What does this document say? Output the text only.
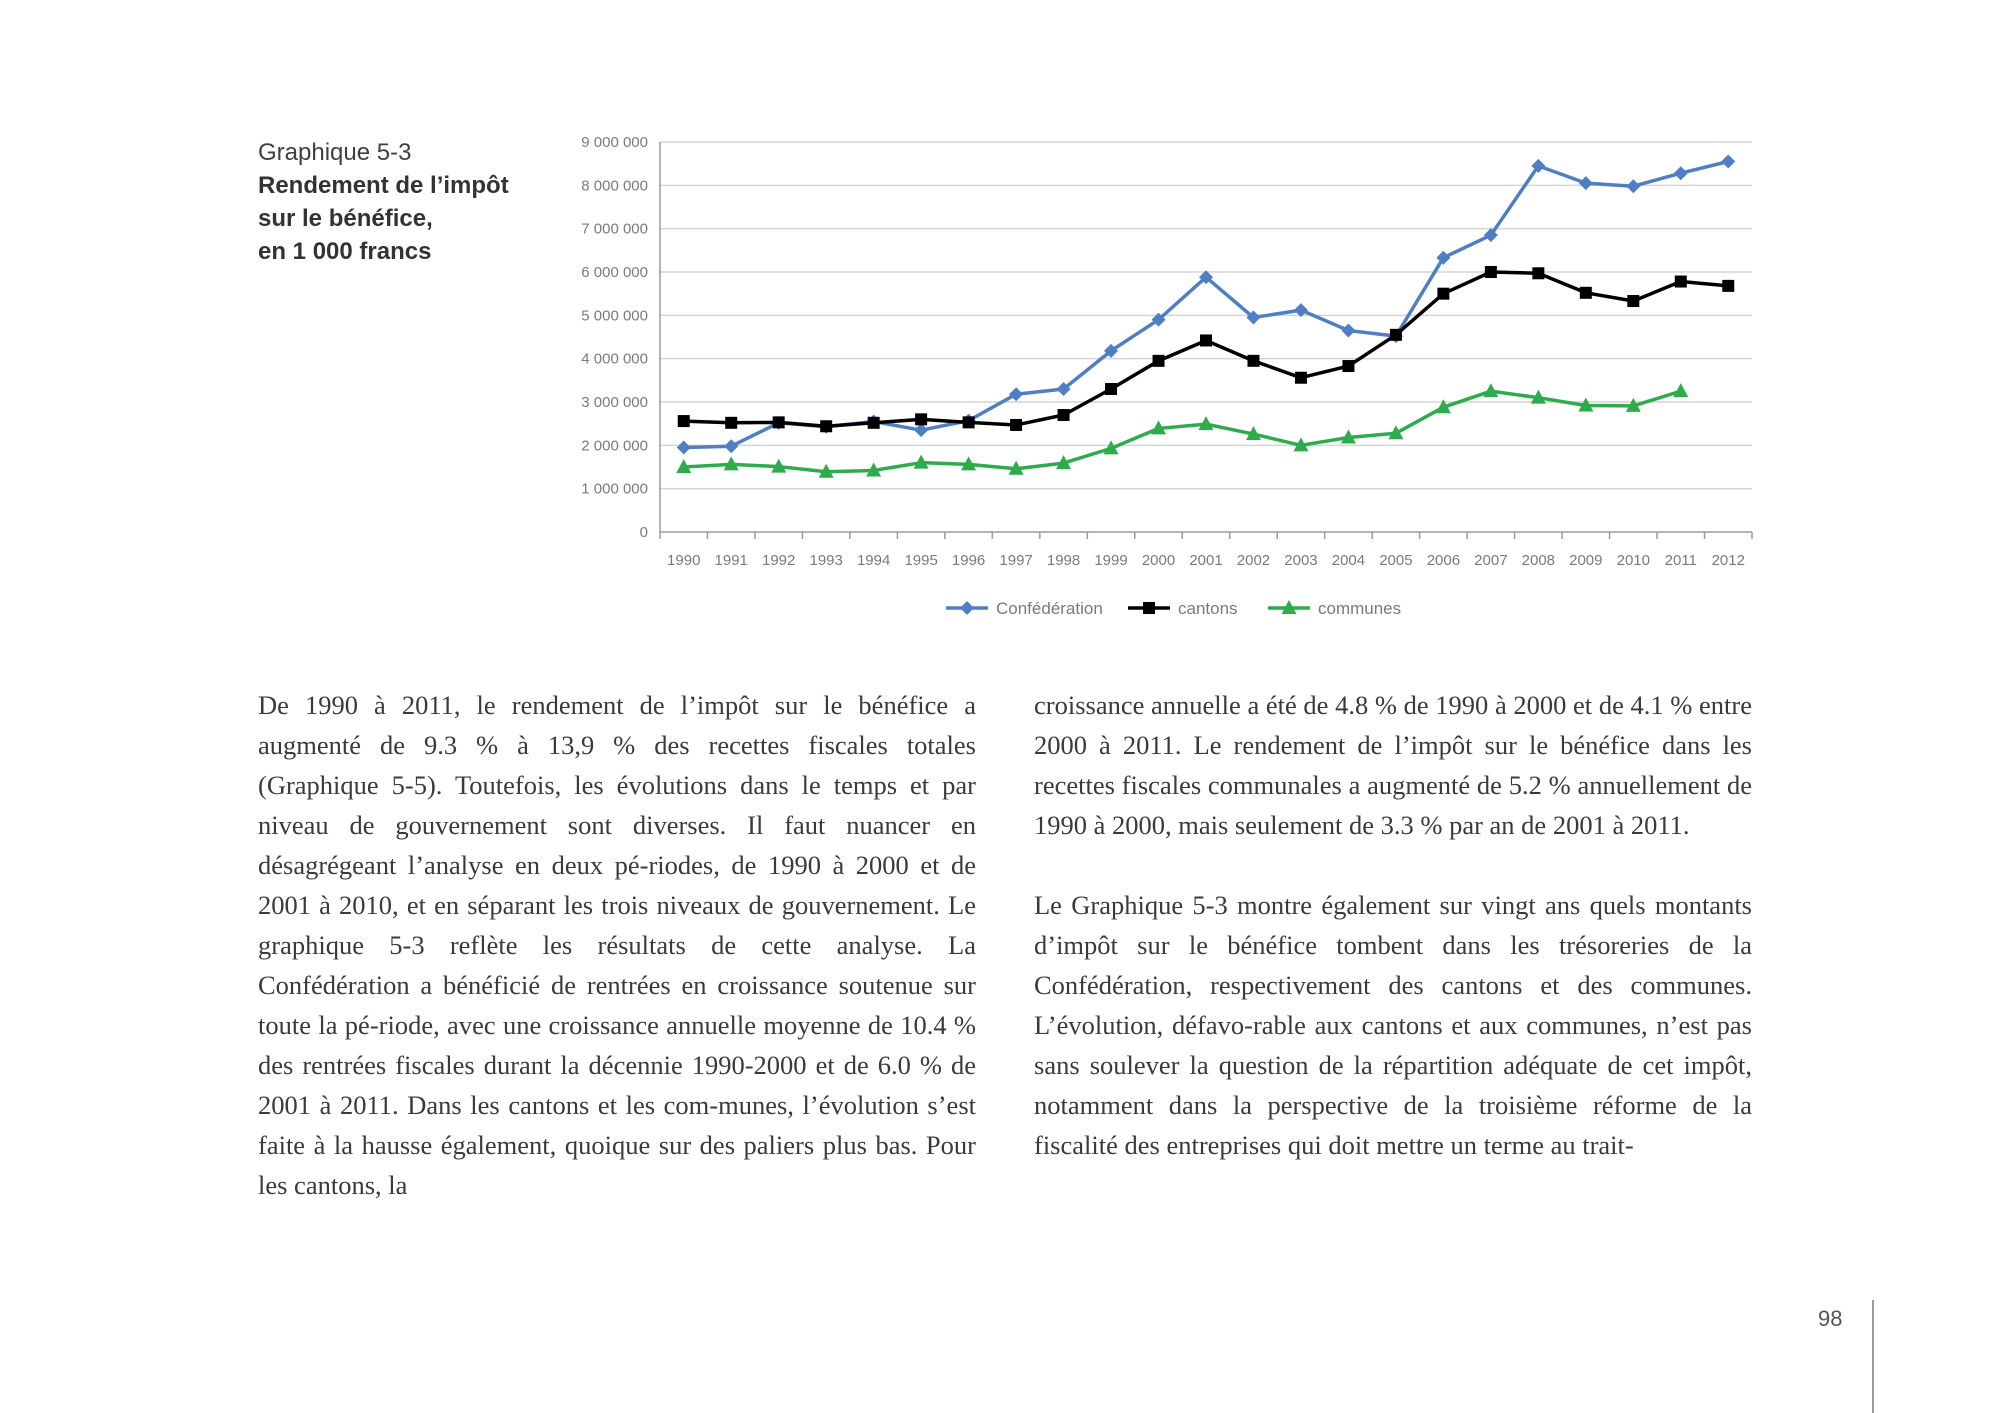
Graphique 5-3
Rendement de l’impôt
sur le bénéfice,
en 1 000 francs
0
1 000 000
2 000 000
3 000 000
4 000 000
5 000 000
6 000 000
7 000 000
8 000 000
9 000 000
1990 1991 1992 1993 1994 1995 1996 1997 1998 1999 2000 2001 2002 2003 2004 2005 2006 2007 2008 2009 2010 2011 2012
Confédération	cantons	communes

De 1990 à 2011, le rendement de l’impôt sur le bénéfice a augmenté de 9.3 % à 13,9 % des recettes fiscales totales (Graphique 5-5). Toutefois, les évolutions dans le temps et par niveau de gouvernement sont diverses. Il faut nuancer en désagrégeant l’analyse en deux pé-riodes, de 1990 à 2000 et de 2001 à 2010, et en séparant les trois niveaux de gouvernement. Le graphique 5-3 reflète les résultats de cette analyse. La Confédération a bénéficié de rentrées en croissance soutenue sur toute la pé-riode, avec une croissance annuelle moyenne de 10.4 % des rentrées fiscales durant la décennie 1990-2000 et de 6.0 % de 2001 à 2011. Dans les cantons et les com-munes, l’évolution s’est faite à la hausse également, quoique sur des paliers plus bas. Pour les cantons, la

croissance annuelle a été de 4.8 % de 1990 à 2000 et de 4.1 % entre 2000 à 2011. Le rendement de l’impôt sur le bénéfice dans les recettes fiscales communales a augmenté de 5.2 % annuellement de 1990 à 2000, mais seulement de 3.3 % par an de 2001 à 2011.

Le Graphique 5-3 montre également sur vingt ans quels montants d’impôt sur le bénéfice tombent dans les trésoreries de la Confédération, respectivement des cantons et des communes. L’évolution, défavo-rable aux cantons et aux communes, n’est pas sans soulever la question de la répartition adéquate de cet impôt, notamment dans la perspective de la troisième réforme de la fiscalité des entreprises qui doit mettre un terme au trait-

98
